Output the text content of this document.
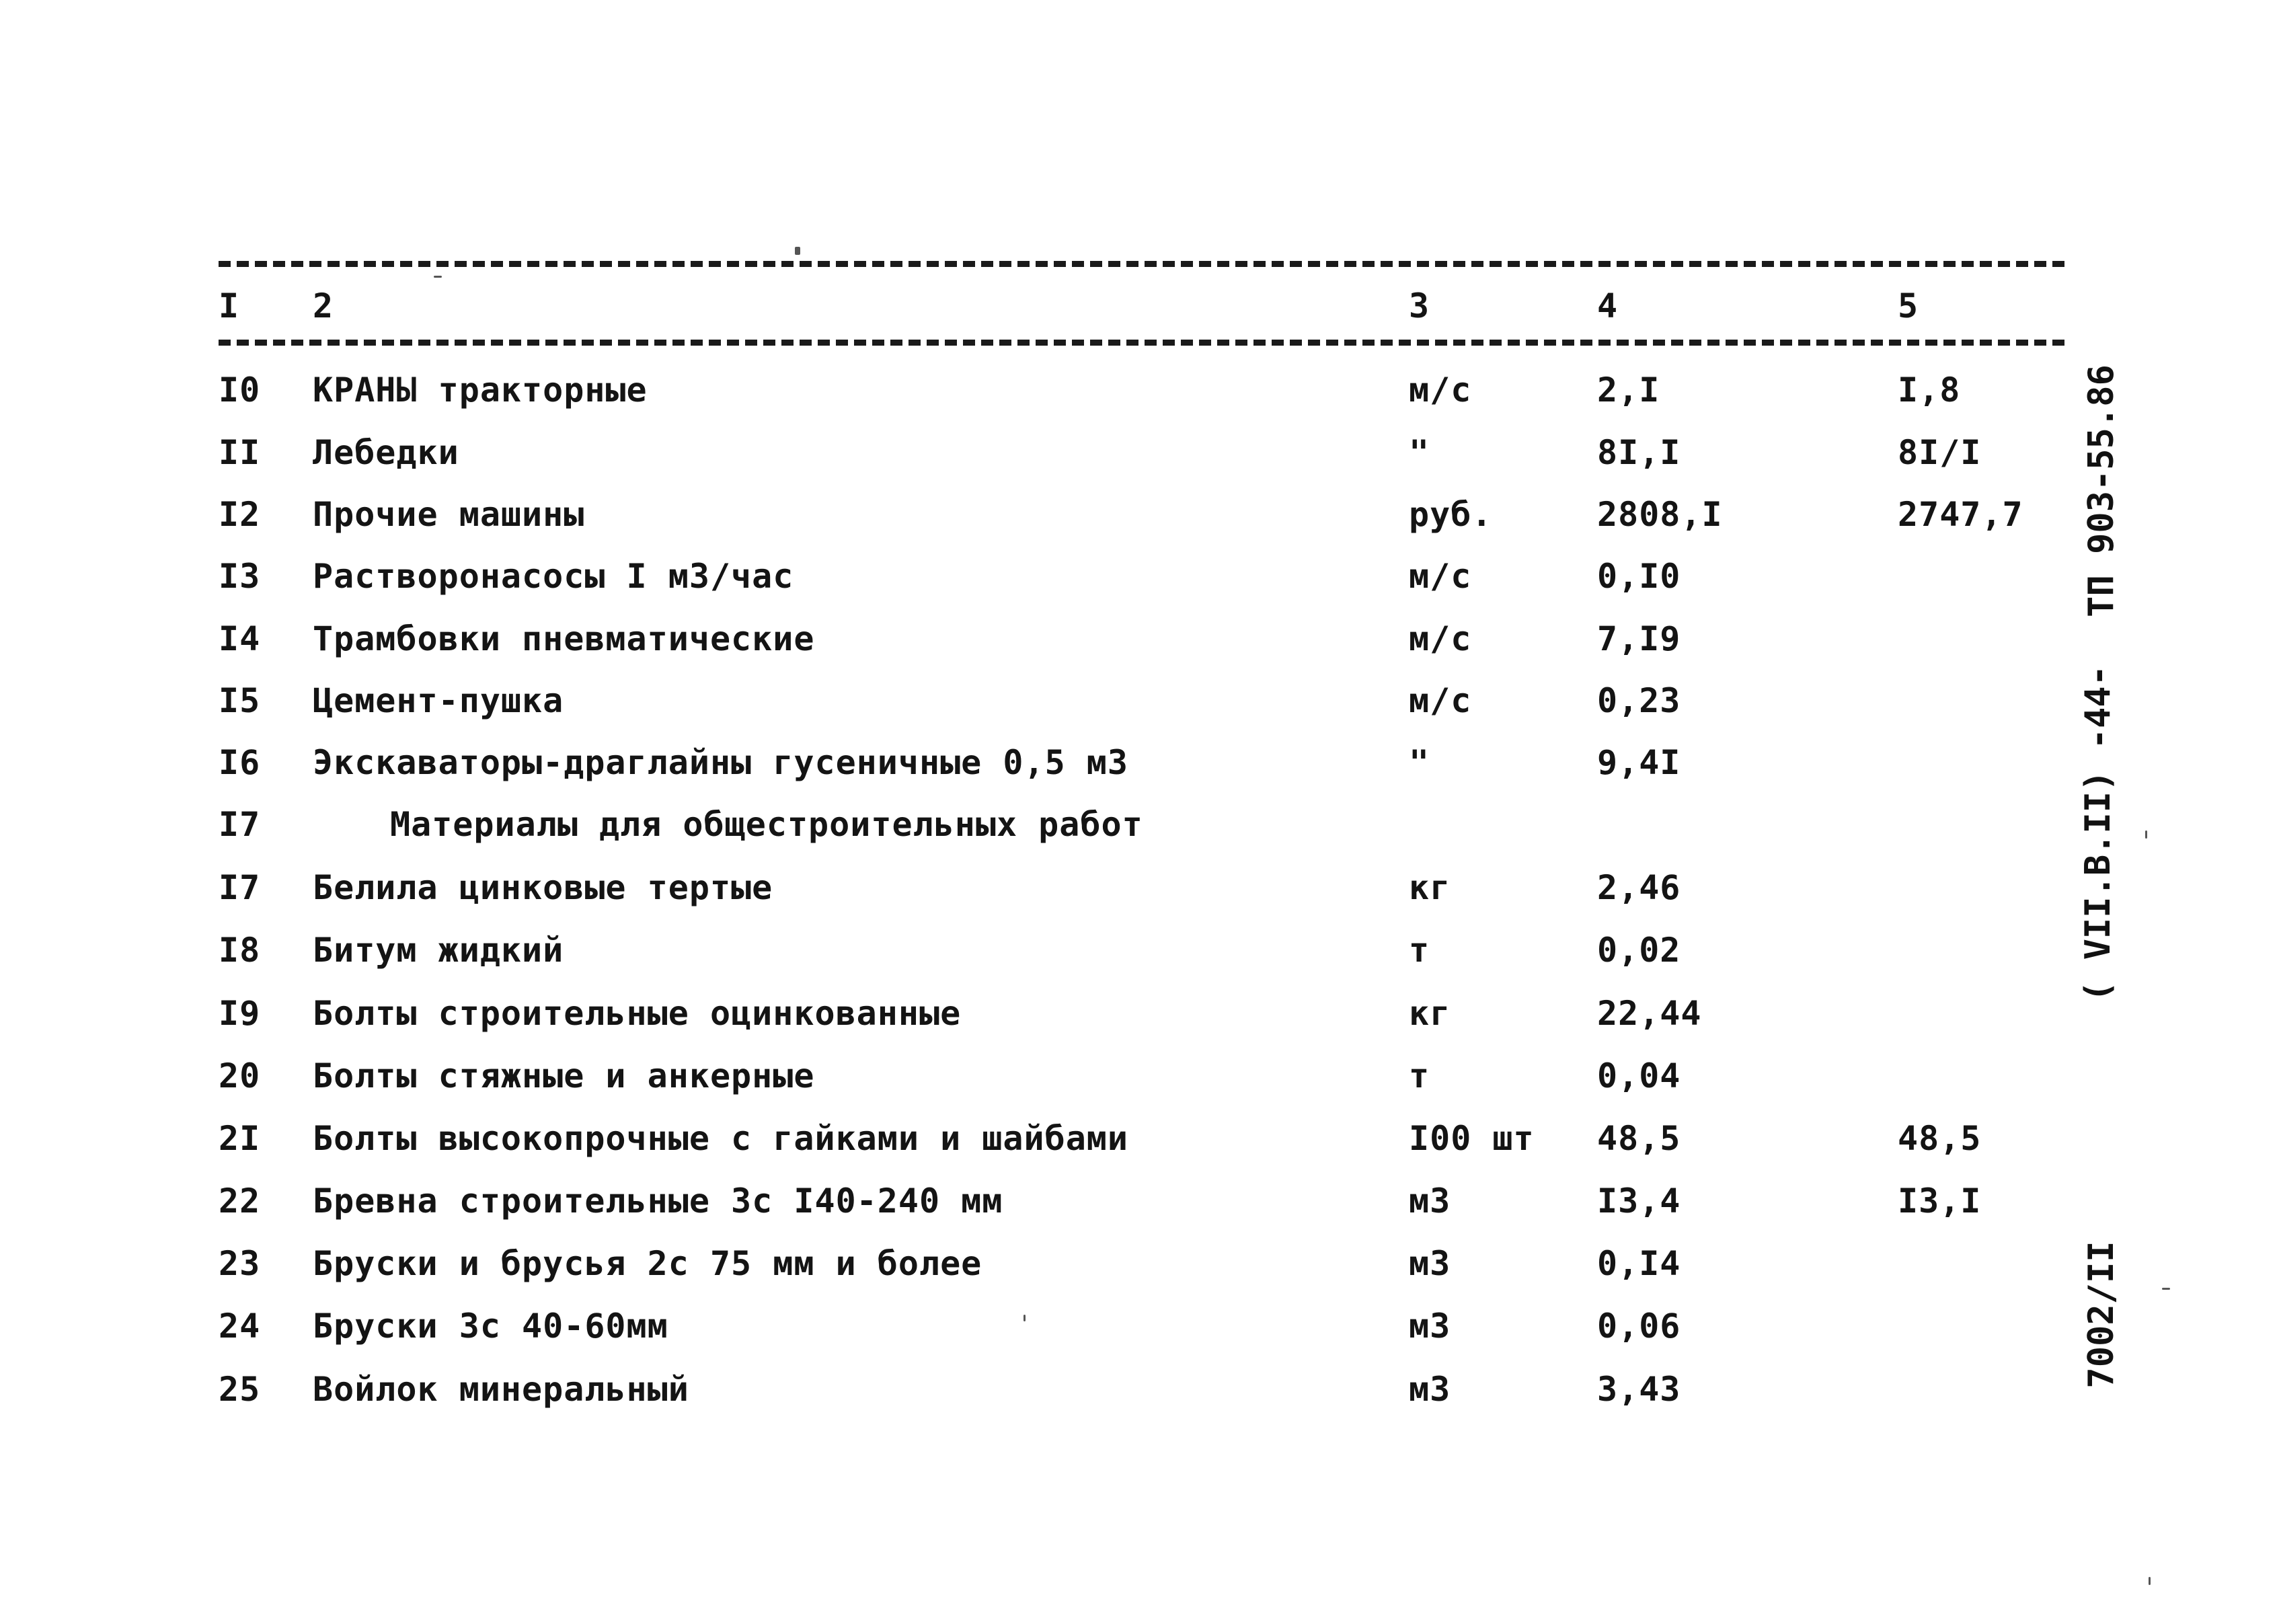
I 2	3	4	5
I0 КРАНЫ тракторные	м/с	2,I	I,8
II Лебедки	"	8I,I	8I/I
I2 Прочие машины	руб.	2808,I	2747,7
I3 Растворонасосы I м3/час	м/с	0,I0
I4 Трамбовки пневматические	м/с	7,I9
I5 Цемент-пушка	м/с	0,23
I6 Экскаваторы-драглайны гусеничные 0,5 м3	"	9,4I
I7	Материалы для общестроительных работ
I7 Белила цинковые тертые	кг	2,46
I8 Битум жидкий	т	0,02
I9 Болты строительные оцинкованные	кг	22,44
20 Болты стяжные и анкерные	т	0,04
2I Болты высокопрочные с гайками и шайбами	I00 шт 48,5	48,5
22 Бревна строительные 3с I40-240 мм	м3	I3,4	I3,I
23 Бруски и брусья 2с 75 мм и более	м3	0,I4
24 Бруски 3с 40-60мм	м3	0,06
25 Войлок минеральный	м3	3,43
ТП 903-55.86
( VII.В.II) -44-
7002/II
